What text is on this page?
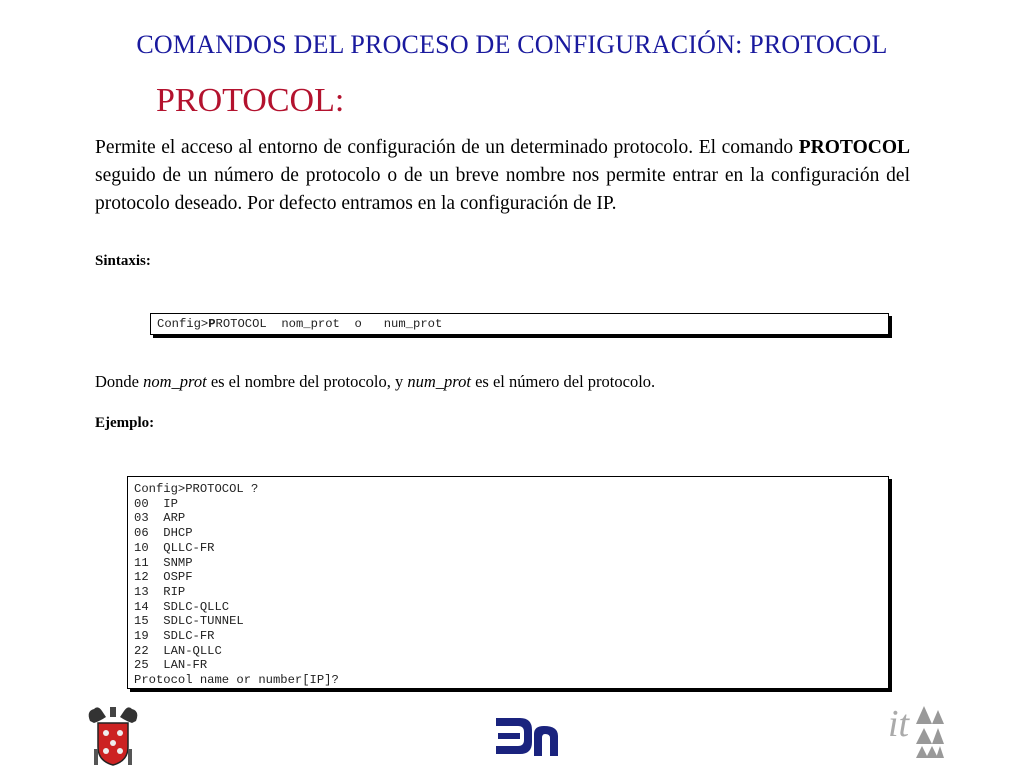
COMANDOS DEL PROCESO DE CONFIGURACIÓN: PROTOCOL
PROTOCOL:
Permite el acceso al entorno de configuración de un determinado protocolo. El comando PROTOCOL seguido de un número de protocolo o de un breve nombre nos permite entrar en la configuración del protocolo deseado. Por defecto entramos en la configuración de IP.
Sintaxis:
Config>PROTOCOL  nom_prot  o   num_prot
Donde nom_prot es el nombre del protocolo, y num_prot es el número del protocolo.
Ejemplo:
Config>PROTOCOL ?
00  IP
03  ARP
06  DHCP
10  QLLC-FR
11  SNMP
12  OSPF
13  RIP
14  SDLC-QLLC
15  SDLC-TUNNEL
19  SDLC-FR
22  LAN-QLLC
25  LAN-FR
Protocol name or number[IP]?
it
